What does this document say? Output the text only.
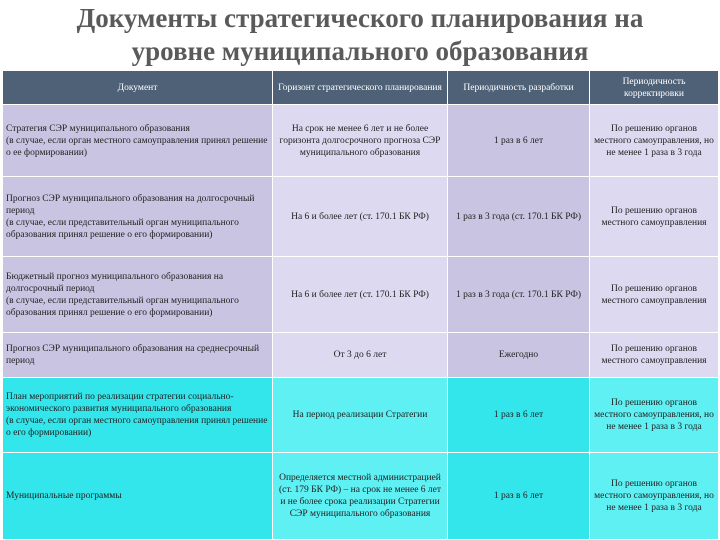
Документы стратегического планирования на
уровне муниципального образования
Документ	Горизонт стратегического планирования	Периодичность разработки	Периодичность корректировки

Стратегия СЭР муниципального образования
(в случае, если орган местного самоуправления принял решение о ее формировании)	На срок не менее 6 лет и не более горизонта долгосрочного прогноза СЭР муниципального образования	1 раз в 6 лет	По решению органов местного самоуправления, но не менее 1 раза в 3 года

Прогноз СЭР муниципального образования на долгосрочный период
(в случае, если представительный орган муниципального образования принял решение о его формировании)	На 6 и более лет (ст. 170.1 БК РФ)	1 раз в 3 года (ст. 170.1 БК РФ)	По решению органов местного самоуправления

Бюджетный прогноз муниципального образования на долгосрочный период
(в случае, если представительный орган муниципального образования принял решение о его формировании)	На 6 и более лет (ст. 170.1 БК РФ)	1 раз в 3 года (ст. 170.1 БК РФ)	По решению органов местного самоуправления

Прогноз СЭР муниципального образования на среднесрочный период	От 3 до 6 лет	Ежегодно	По решению органов местного самоуправления

План мероприятий по реализации стратегии социально-экономического развития муниципального образования
(в случае, если орган местного самоуправления принял решение о его формировании)	На период реализации Стратегии	1 раз в 6 лет	По решению органов местного самоуправления, но не менее 1 раза в 3 года

Муниципальные программы	Определяется местной администрацией (ст. 179 БК РФ) – на срок не менее 6 лет и не более срока реализации Стратегии СЭР муниципального образования	1 раз в 6 лет	По решению органов местного самоуправления, но не менее 1 раза в 3 года
